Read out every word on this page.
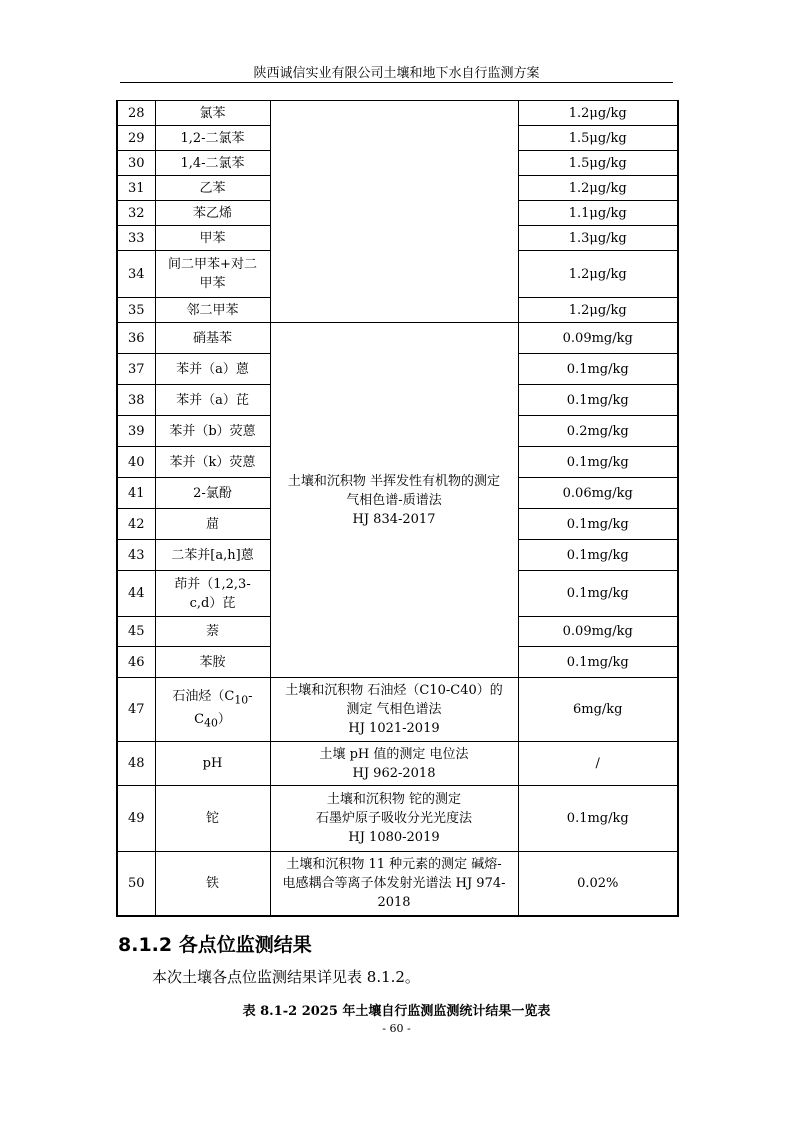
陕西诚信实业有限公司土壤和地下水自行监测方案
28	氯苯		1.2μg/kg
29	1,2-二氯苯		1.5μg/kg
30	1,4-二氯苯		1.5μg/kg
31	乙苯		1.2μg/kg
32	苯乙烯		1.1μg/kg
33	甲苯		1.3μg/kg
34	间二甲苯+对二
甲苯		1.2μg/kg
35	邻二甲苯		1.2μg/kg
36	硝基苯	土壤和沉积物 半挥发性有机物的测定
气相色谱-质谱法
HJ 834-2017	0.09mg/kg
37	苯并（a）蒽		0.1mg/kg
38	苯并（a）芘		0.1mg/kg
39	苯并（b）荧蒽		0.2mg/kg
40	苯并（k）荧蒽		0.1mg/kg
41	2-氯酚		0.06mg/kg
42	䓛		0.1mg/kg
43	二苯并[a,h]蒽		0.1mg/kg
44	茚并（1,2,3-
c,d）芘		0.1mg/kg
45	萘		0.09mg/kg
46	苯胺		0.1mg/kg
47	石油烃（$C_{10}-$
$C_{40}$）	土壤和沉积物 石油烃（C10-C40）的
测定 气相色谱法
HJ 1021-2019	6mg/kg
48	pH	土壤 pH 值的测定 电位法
HJ 962-2018	/
49	铊	土壤和沉积物 铊的测定
石墨炉原子吸收分光光度法
HJ 1080-2019	0.1mg/kg
50	铁	土壤和沉积物 11 种元素的测定 碱熔-
电感耦合等离子体发射光谱法 HJ 974-
2018	0.02%
8.1.2 各点位监测结果
本次土壤各点位监测结果详见表 8.1.2。
表 8.1-2 2025 年土壤自行监测监测统计结果一览表
- 60 -
